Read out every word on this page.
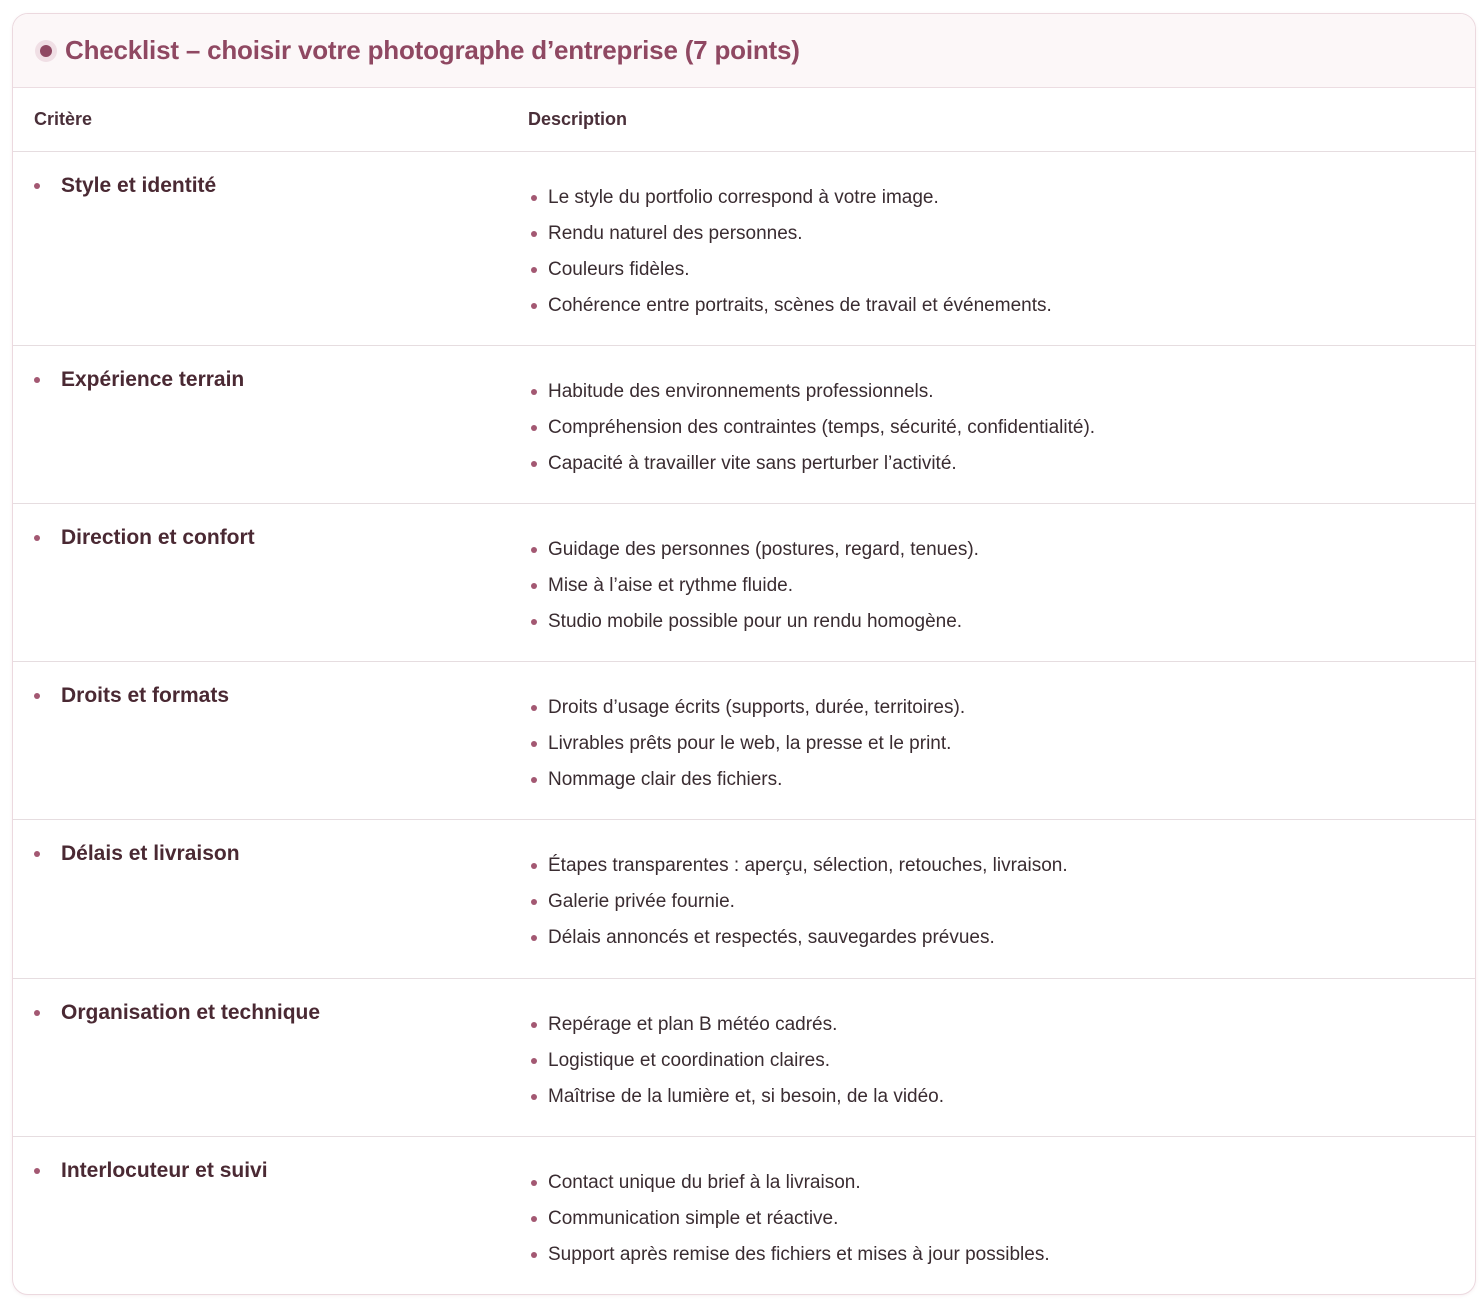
Checklist – choisir votre photographe d’entreprise (7 points)
Critère	Description
Style et identité
Le style du portfolio correspond à votre image.
Rendu naturel des personnes.
Couleurs fidèles.
Cohérence entre portraits, scènes de travail et événements.
Expérience terrain
Habitude des environnements professionnels.
Compréhension des contraintes (temps, sécurité, confidentialité).
Capacité à travailler vite sans perturber l’activité.
Direction et confort
Guidage des personnes (postures, regard, tenues).
Mise à l’aise et rythme fluide.
Studio mobile possible pour un rendu homogène.
Droits et formats
Droits d’usage écrits (supports, durée, territoires).
Livrables prêts pour le web, la presse et le print.
Nommage clair des fichiers.
Délais et livraison
Étapes transparentes : aperçu, sélection, retouches, livraison.
Galerie privée fournie.
Délais annoncés et respectés, sauvegardes prévues.
Organisation et technique
Repérage et plan B météo cadrés.
Logistique et coordination claires.
Maîtrise de la lumière et, si besoin, de la vidéo.
Interlocuteur et suivi
Contact unique du brief à la livraison.
Communication simple et réactive.
Support après remise des fichiers et mises à jour possibles.
